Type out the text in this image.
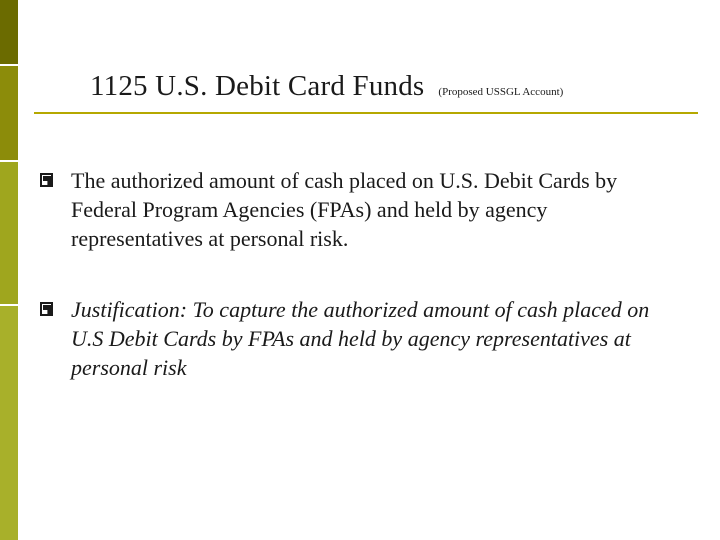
1125 U.S. Debit Card Funds (Proposed USSGL Account)
The authorized amount of cash placed on U.S. Debit Cards by Federal Program Agencies (FPAs) and held by agency representatives at personal risk.
Justification: To capture the authorized amount of cash placed on U.S Debit Cards by FPAs and held by agency representatives at personal risk
